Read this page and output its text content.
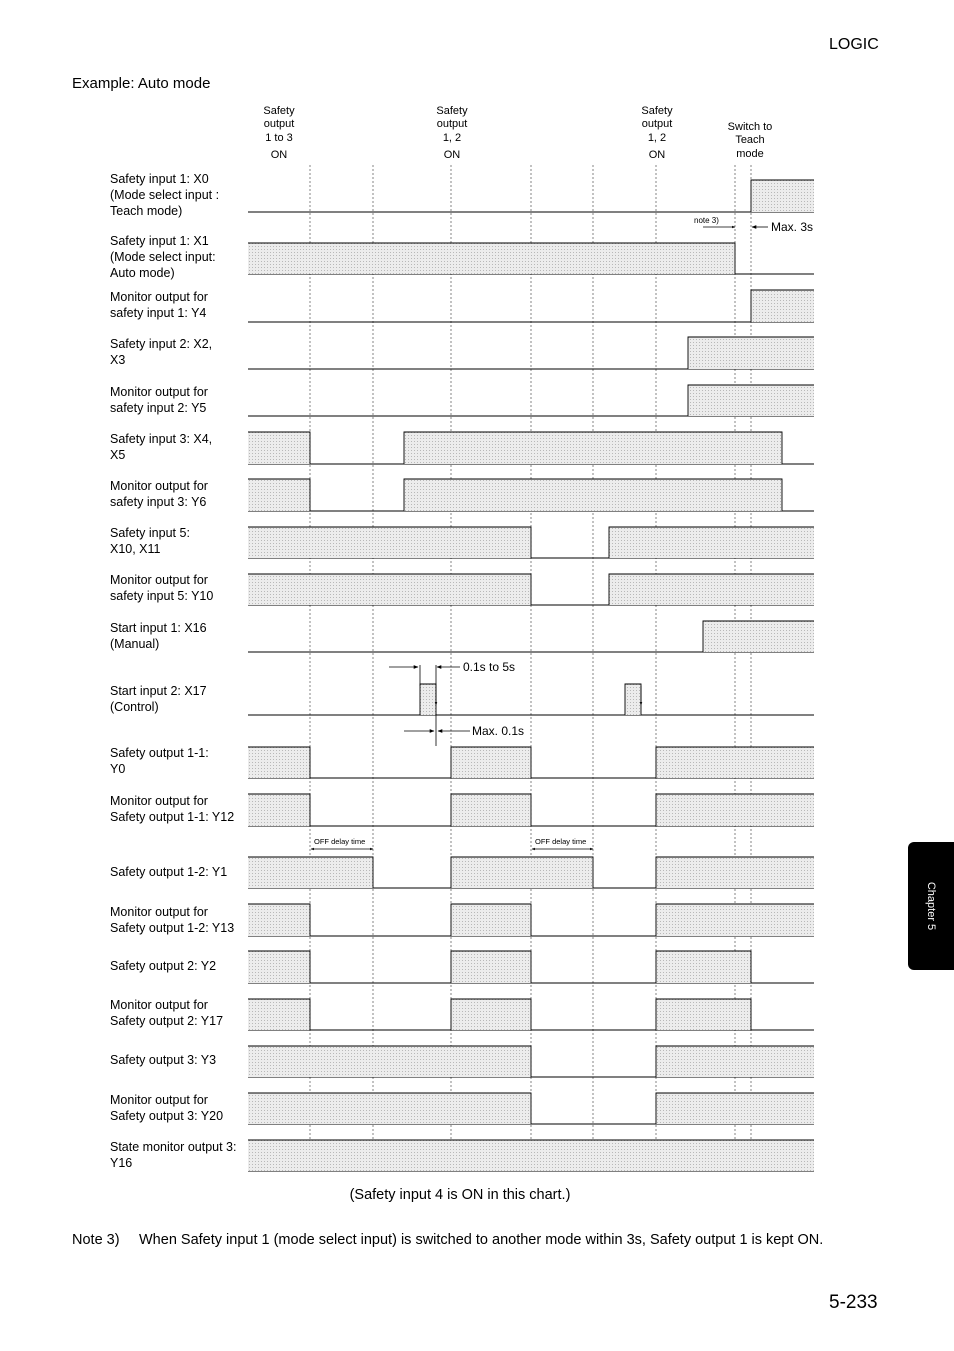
LOGIC
Example: Auto mode
Safety
output
1 to 3
ON
Safety
output
1, 2
ON
Safety
output
1, 2
ON
Switch to
Teach
mode
Safety input 1: X0
(Mode select input :
Teach mode)
Safety input 1: X1
(Mode select input:
Auto mode)
Monitor output for
safety input 1: Y4
Safety input 2: X2,
X3
Monitor output for
safety input 2: Y5
Safety input 3: X4,
X5
Monitor output for
safety input 3: Y6
Safety input 5:
X10, X11
Monitor output for
safety input 5: Y10
Start input 1: X16
(Manual)
Start input 2: X17
(Control)
Safety output 1-1:
Y0
Monitor output for
Safety output 1-1: Y12
Safety output 1-2: Y1
Monitor output for
Safety output 1-2: Y13
Safety output 2: Y2
Monitor output for
Safety output 2: Y17
Safety output 3: Y3
Monitor output for
Safety output 3: Y20
State monitor output 3:
Y16
note 3)	Max. 3s
0.1s to 5s
Max. 0.1s
OFF delay time	OFF delay time
(Safety input 4 is ON in this chart.)
Note 3) When Safety input 1 (mode select input) is switched to another mode within 3s, Safety output 1 is kept ON.
Chapter 5
5-233
